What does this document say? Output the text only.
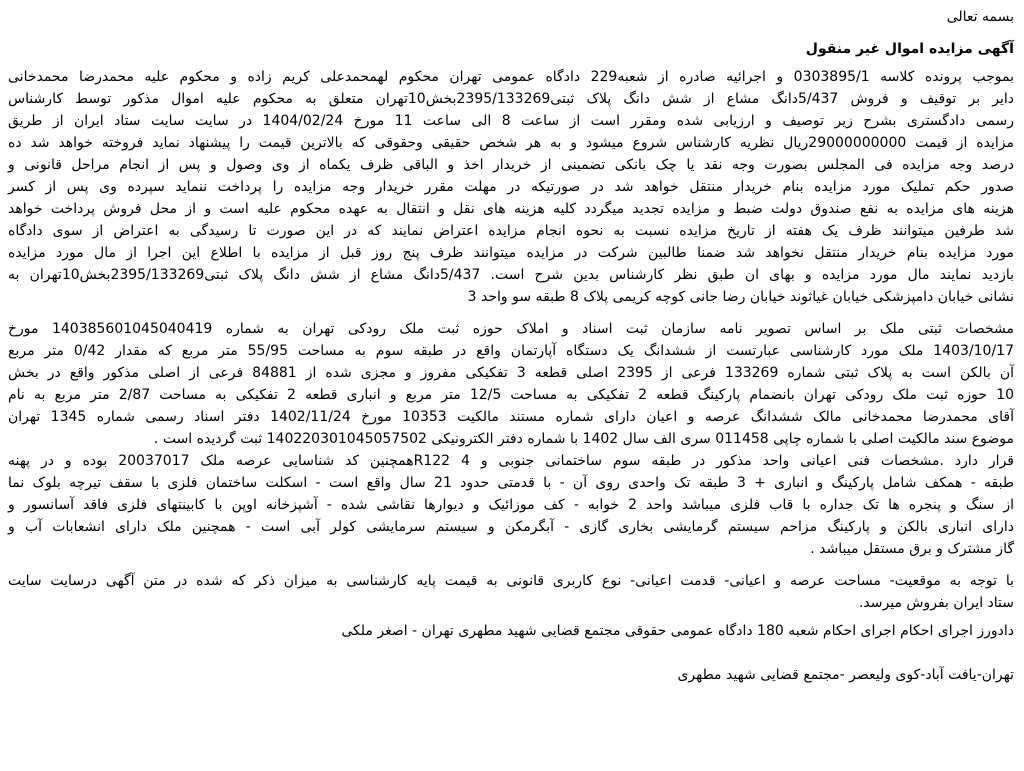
بسمه تعالی

آگهی مزایده اموال غیر منقول

بموجب پرونده کلاسه 0303895/1 و اجرائیه صادره از شعبه229 دادگاه عمومی تهران محکوم لهمحمدعلی کریم زاده و محکوم علیه محمدرضا محمدخانی

دایر بر توقیف و فروش 5/437دانگ مشاع از شش دانگ پلاک ثبتی2395/133269بخش10تهران متعلق به محکوم علیه اموال مذکور توسط کارشناس

رسمی دادگستری بشرح زیر توصیف و ارزیابی شده ومقرر است از ساعت 8 الی ساعت 11 مورخ 1404/02/24 در سایت سایت ستاد ایران از طریق

مزایده از قیمت 29000000000ریال نظریه کارشناس شروع میشود و به هر شخص حقیقی وحقوقی که بالاترین قیمت را پیشنهاد نماید فروخته خواهد شد ده

درصد وجه مزایده فی المجلس بصورت وجه نقد یا چک بانکی تضمینی از خریدار اخذ و الباقی ظرف یکماه از وی وصول و پس از انجام مراحل قانونی و

صدور حکم تملیک مورد مزایده بنام خریدار منتقل خواهد شد در صورتیکه در مهلت مقرر خریدار وجه مزایده را پرداخت ننماید سپرده وی پس از کسر

هزینه های مزایده به نفع صندوق دولت ضبط و مزایده تجدید میگردد کلیه هزینه های نقل و انتقال به عهده محکوم علیه است و از محل فروش پرداخت خواهد

شد طرفین میتوانند ظرف یک هفته از تاریخ مزایده نسبت به نحوه انجام مزایده اعتراض نمایند که در این صورت تا رسیدگی به اعتراض از سوی دادگاه

مورد مزایده بنام خریدار منتقل نخواهد شد ضمنا طالبین شرکت در مزایده میتوانند ظرف پنج روز قبل از مزایده با اطلاع این اجرا از مال مورد مزایده

بازدید نمایند مال مورد مزایده و بهای ان طبق نظر کارشناس بدین شرح است. 5/437دانگ مشاع از شش دانگ پلاک ثبتی2395/133269بخش10تهران به

نشانی خیابان دامپزشکی خیابان غیاثوند خیابان رضا جانی کوچه کریمی پلاک 8 طبقه سو واحد 3

مشخصات ثبتی ملک بر اساس تصویر نامه سازمان ثبت اسناد و املاک حوزه ثبت ملک رودکی تهران به شماره 140385601045040419 مورخ

1403/10/17 ملک مورد کارشناسی عبارتست از ششدانگ یک دستگاه آپارتمان واقع در طبقه سوم به مساحت 55/95 متر مربع که مقدار 0/42 متر مربع

آن بالکن است به پلاک ثبتی شماره 133269 فرعی از 2395 اصلی قطعه 3 تفکیکی مفروز و مجزی شده از 84881 فرعی از اصلی مذکور واقع در بخش

10 حوزه ثبت ملک رودکی تهران بانضمام پارکینگ قطعه 2 تفکیکی به مساحت 12/5 متر مربع و انباری قطعه 2 تفکیکی به مساحت 2/87 متر مربع به نام

آقای محمدرضا محمدخانی مالک ششدانگ عرصه و اعیان دارای شماره مستند مالکیت 10353 مورخ 1402/11/24 دفتر اسناد رسمی شماره 1345 تهران

موضوع سند مالکیت اصلی با شماره چاپی 011458 سری الف سال 1402 با شماره دفتر الکترونیکی 140220301045057502 ثبت گردیده است .

قرار دارد .مشخصات فنی اعیانی واحد مذکور در طبقه سوم ساختمانی جنوبی و R122 4همچنین کد شناسایی عرصه ملک 20037017 بوده و در پهنه

طبقه - همکف شامل پارکینگ و انباری + 3 طبقه تک واحدی روی آن - با قدمتی حدود 21 سال واقع است - اسکلت ساختمان فلزی با سقف تیرچه بلوک نما

از سنگ و پنجره ها تک جداره با قاب فلزی میباشد واحد 2 خوابه - کف موزائیک و دیوارها نقاشی شده - آشپزخانه اوپن با کابینتهای فلزی فاقد آسانسور و

دارای انباری بالکن و پارکینگ مزاحم سیستم گرمایشی بخاری گازی - آبگرمکن و سیستم سرمایشی کولر آبی است - همچنین ملک دارای انشعابات آب و

گاز مشترک و برق مستقل میباشد .

با توجه به موقعیت- مساحت عرصه و اعیانی- قدمت اعیانی- نوع کاربری قانونی به قیمت پایه کارشناسی به میزان ذکر که شده در متن آگهی درسایت سایت

ستاد ایران بفروش میرسد.

دادورز اجرای احکام اجرای احکام شعبه 180 دادگاه عمومی حقوقی مجتمع قضایی شهید مطهری تهران - اصغر ملکی

تهران-یافت آباد-کوی ولیعصر -مجتمع قضایی شهید مطهری
